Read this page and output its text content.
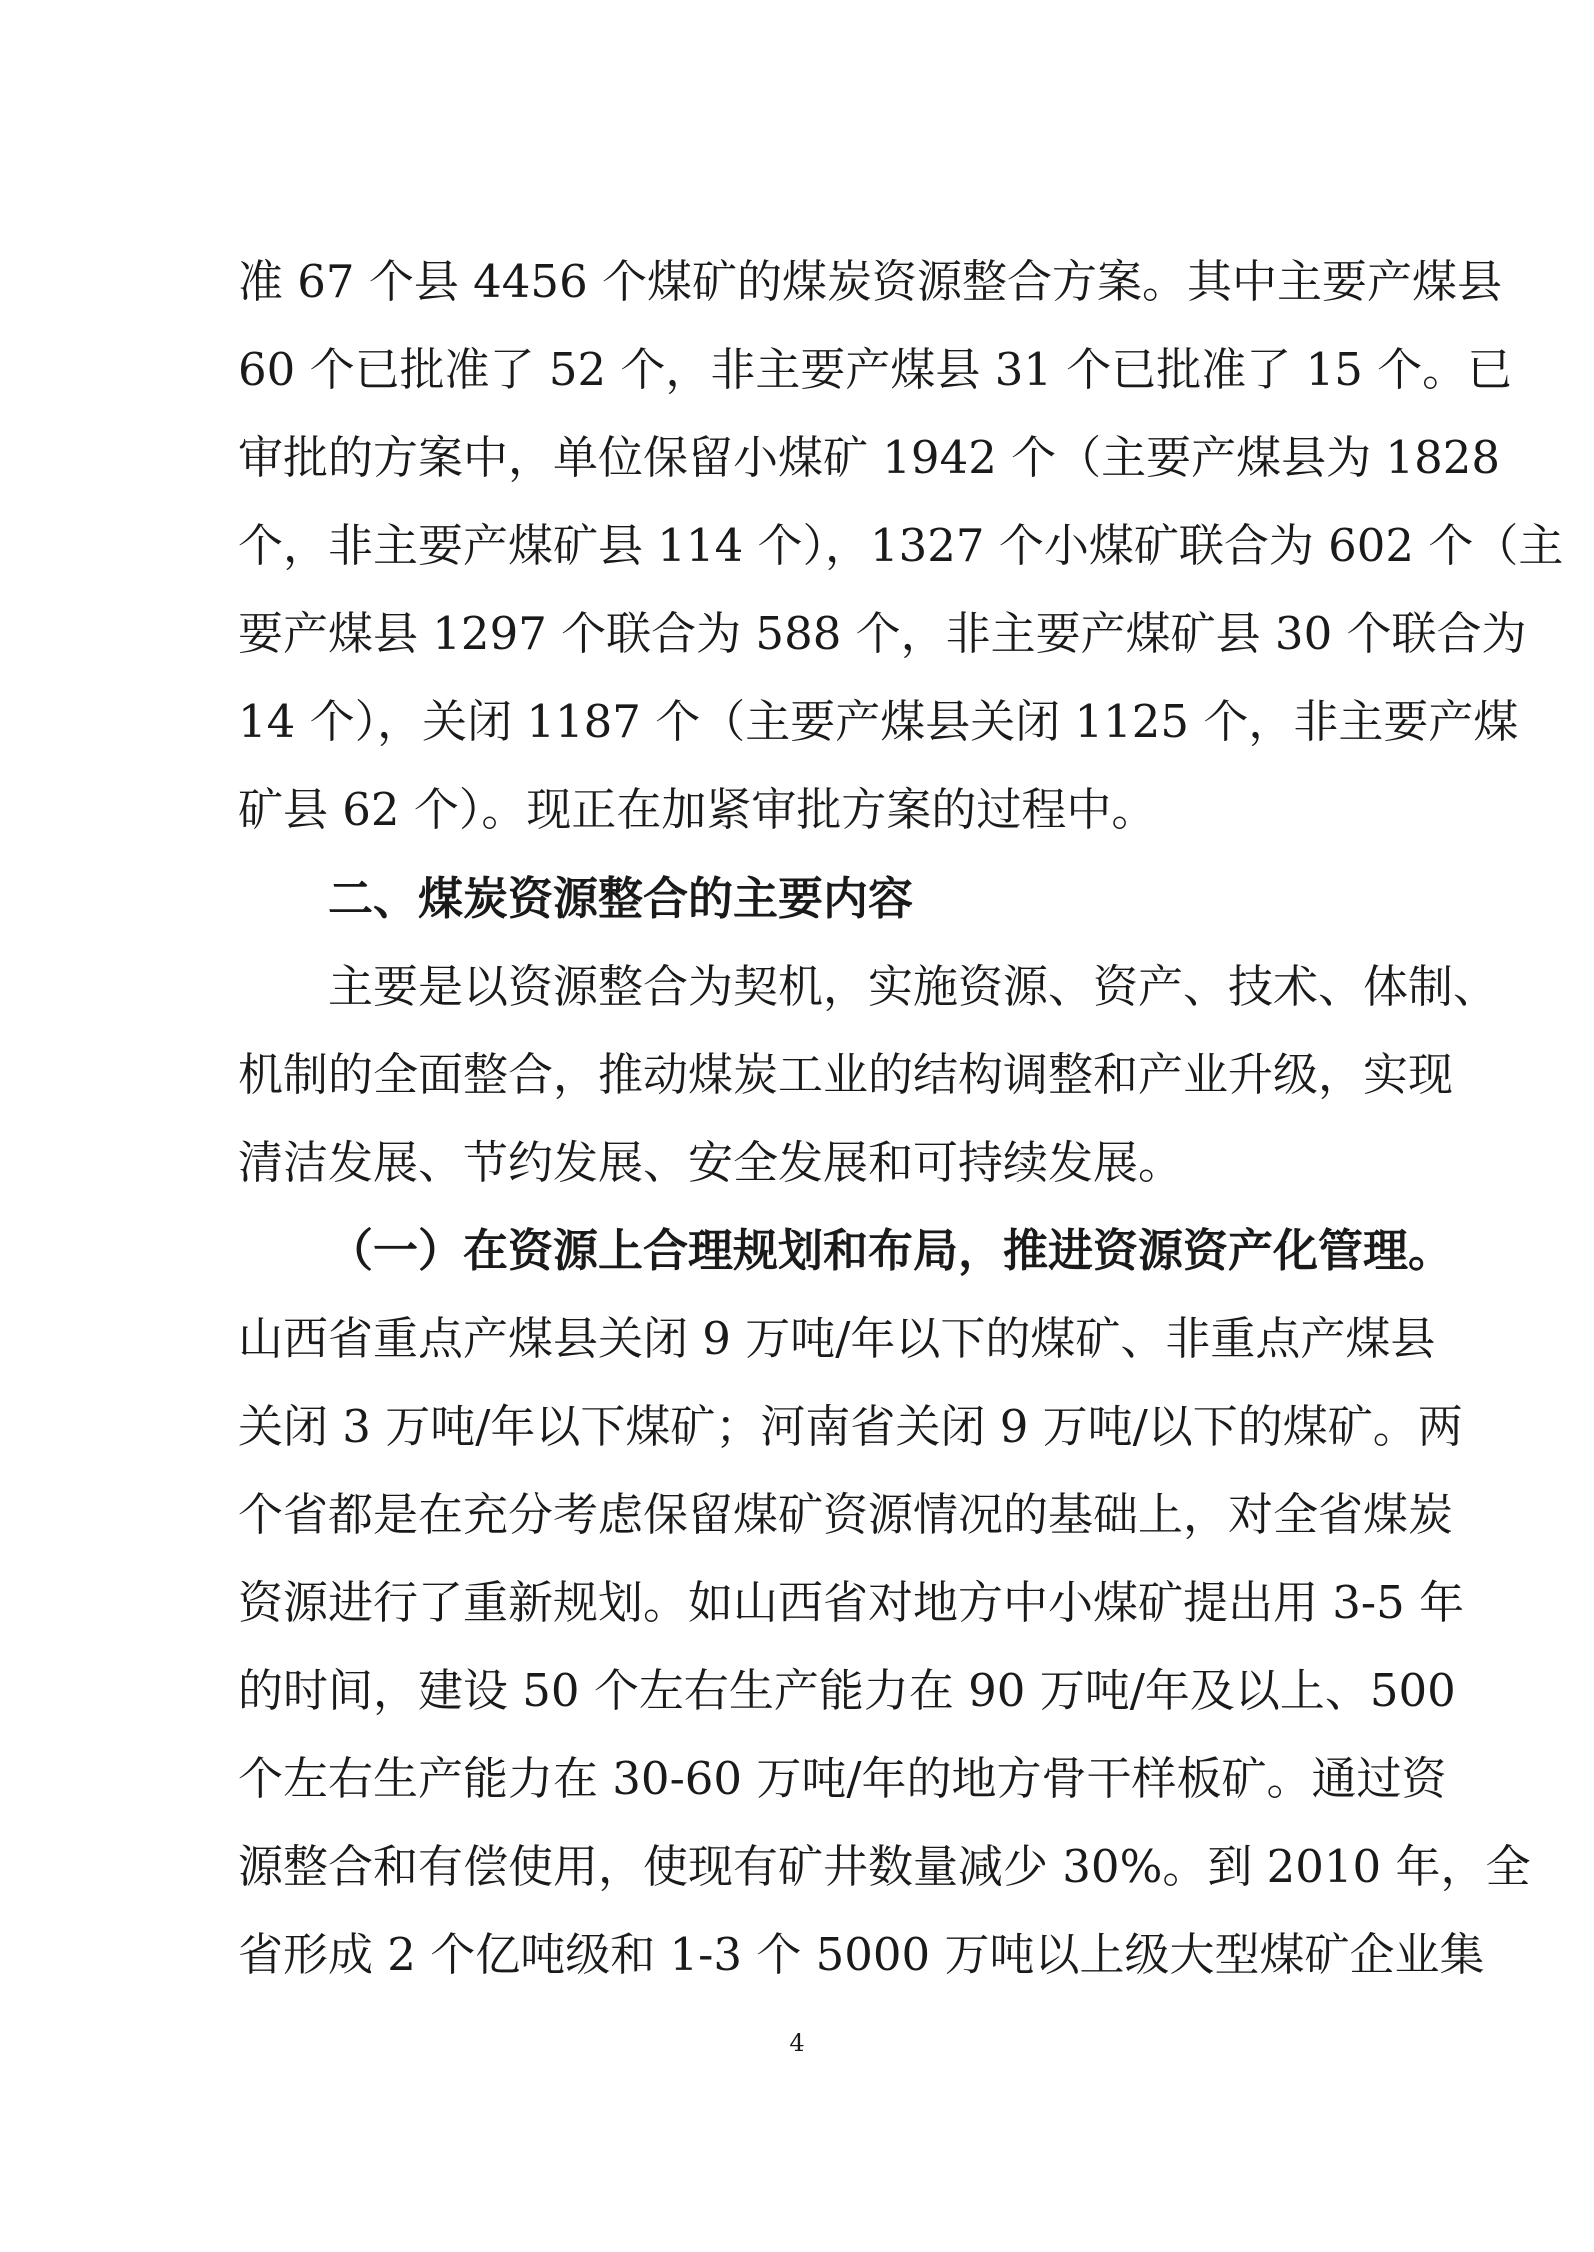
准 67 个县 4456 个煤矿的煤炭资源整合方案。其中主要产煤县
60 个已批准了 52 个，非主要产煤县 31 个已批准了 15 个。已
审批的方案中，单位保留小煤矿 1942 个（主要产煤县为 1828
个，非主要产煤矿县 114 个），1327 个小煤矿联合为 602 个（主
要产煤县 1297 个联合为 588 个，非主要产煤矿县 30 个联合为
14 个），关闭 1187 个（主要产煤县关闭 1125 个，非主要产煤
矿县 62 个）。现正在加紧审批方案的过程中。
二、煤炭资源整合的主要内容
主要是以资源整合为契机，实施资源、资产、技术、体制、
机制的全面整合，推动煤炭工业的结构调整和产业升级，实现
清洁发展、节约发展、安全发展和可持续发展。
（一）在资源上合理规划和布局，推进资源资产化管理。
山西省重点产煤县关闭 9 万吨/年以下的煤矿、非重点产煤县
关闭 3 万吨/年以下煤矿；河南省关闭 9 万吨/以下的煤矿。两
个省都是在充分考虑保留煤矿资源情况的基础上，对全省煤炭
资源进行了重新规划。如山西省对地方中小煤矿提出用 3-5 年
的时间，建设 50 个左右生产能力在 90 万吨/年及以上、500
个左右生产能力在 30-60 万吨/年的地方骨干样板矿。通过资
源整合和有偿使用，使现有矿井数量减少 30%。到 2010 年，全
省形成 2 个亿吨级和 1-3 个 5000 万吨以上级大型煤矿企业集
4
